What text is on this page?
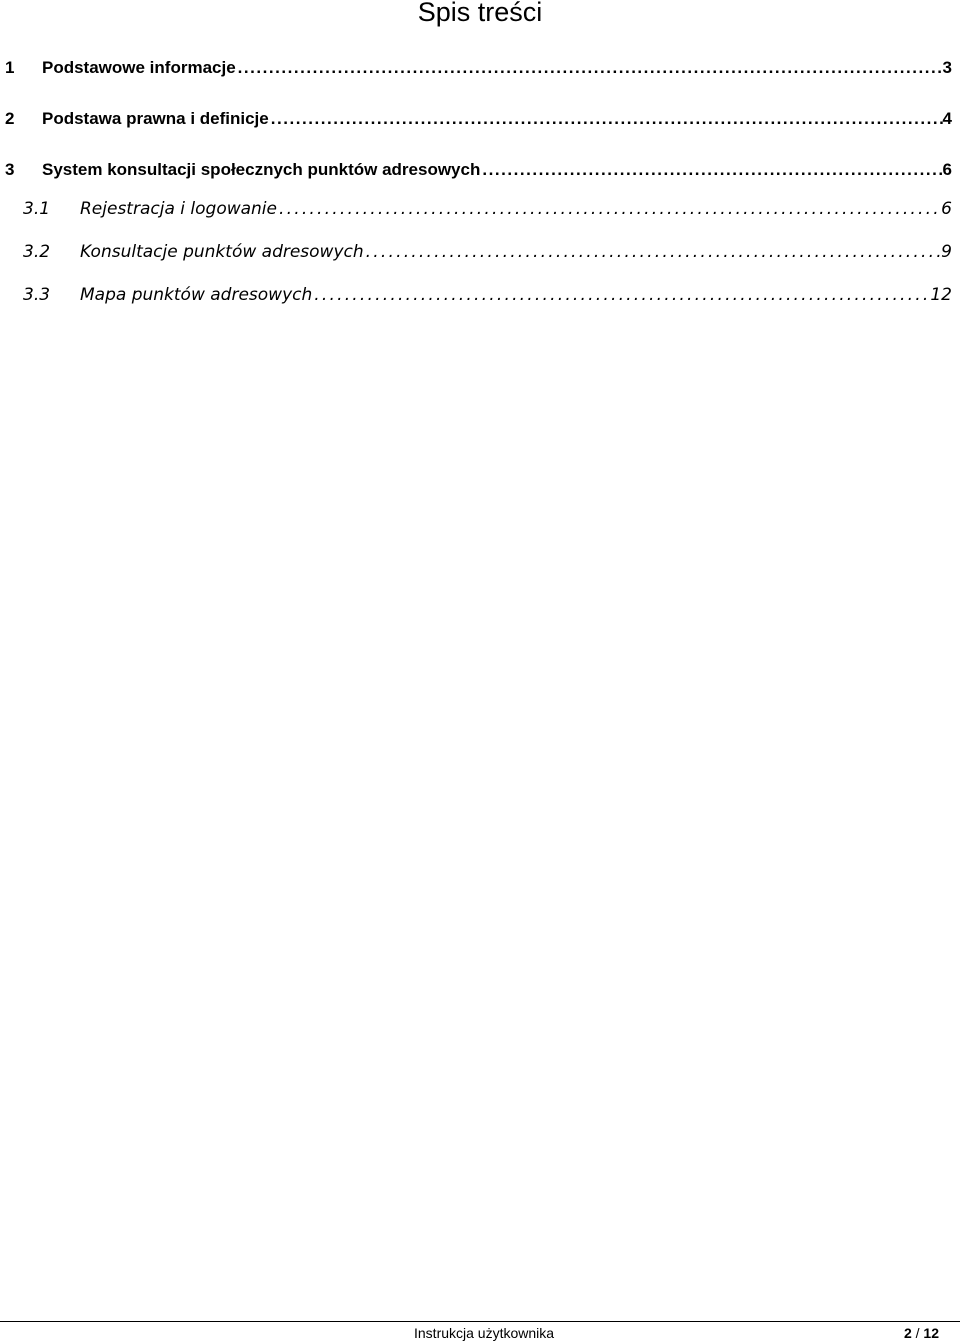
Spis treści
1	Podstawowe informacje . . .	3
2	Podstawa prawna i definicje . . .	4
3	System konsultacji społecznych punktów adresowych . . .	6
3.1	Rejestracja i logowanie . . .	6
3.2	Konsultacje punktów adresowych . . .	9
3.3	Mapa punktów adresowych . . .	12
Instrukcja użytkownika	2 / 12
